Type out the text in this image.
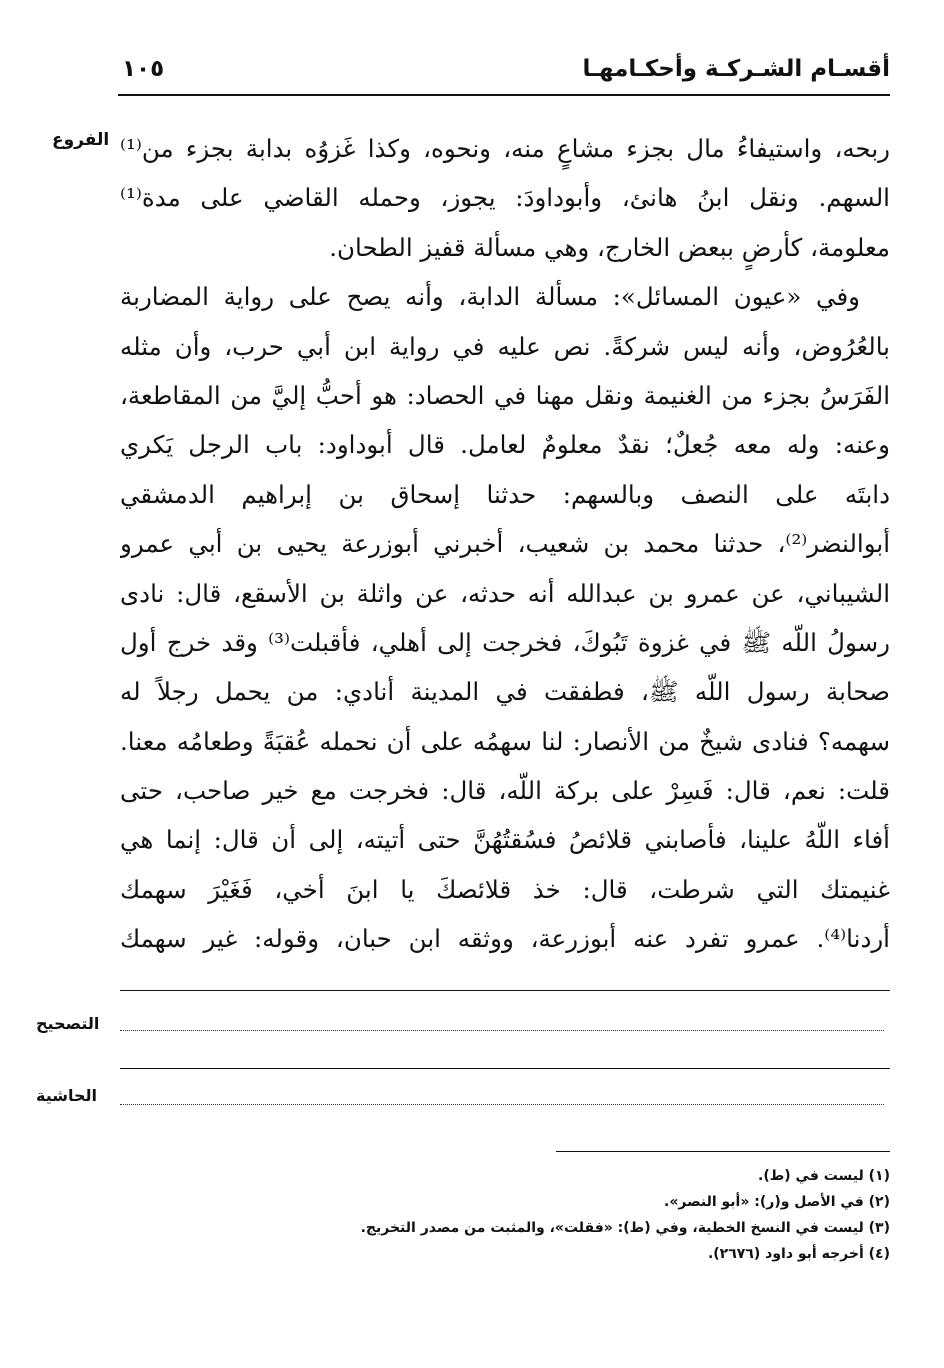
أقسـام الشـركـة وأحكـامهـا
١٠٥
الفروع ربحه، واستيفاءُ مال بجزء مشاعٍ منه، ونحوه، وكذا غَزوُه بدابة بجزء من⁽¹⁾
السهم. ونقل ابنُ هانئ، وأبوداودَ: يجوز، وحمله القاضي على مدة⁽¹⁾
معلومة، كأرضٍ ببعض الخارج، وهي مسألة قفيز الطحان.
وفي «عيون المسائل»: مسألة الدابة، وأنه يصح على رواية المضاربة
بالعُرُوض، وأنه ليس شركةً. نص عليه في رواية ابن أبي حرب، وأن مثله
الفَرَسُ بجزء من الغنيمة ونقل مهنا في الحصاد: هو أحبُّ إليَّ من المقاطعة،
وعنه: وله معه جُعلٌ؛ نقدٌ معلومٌ لعامل. قال أبوداود: باب الرجل يَكري
دابتَه على النصف وبالسهم: حدثنا إسحاق بن إبراهيم الدمشقي
أبوالنضر⁽²⁾، حدثنا محمد بن شعيب، أخبرني أبوزرعة يحيى بن أبي عمرو
الشيباني، عن عمرو بن عبدالله أنه حدثه، عن واثلة بن الأسقع، قال: نادى
رسولُ اللّه ﷺ في غزوة تَبُوكَ، فخرجت إلى أهلي، فأقبلت⁽³⁾ وقد خرج أول
صحابة رسول اللّه ﷺ، فطفقت في المدينة أنادي: من يحمل رجلاً له
سهمه؟ فنادى شيخٌ من الأنصار: لنا سهمُه على أن نحمله عُقبَةً وطعامُه معنا.
قلت: نعم، قال: فَسِرْ على بركة اللّه، قال: فخرجت مع خير صاحب، حتى
أفاء اللّهُ علينا، فأصابني قلائصُ فسُقتُهُنَّ حتى أتيته، إلى أن قال: إنما هي
غنيمتك التي شرطت، قال: خذ قلائصكَ يا ابنَ أخي، فَغَيْرَ سهمك
أردنا⁽⁴⁾. عمرو تفرد عنه أبوزرعة، ووثقه ابن حبان، وقوله: غير سهمك
التصحيح
الحاشية
(١) ليست في (ط).
(٢) في الأصل و(ر): «أبو النصر».
(٣) ليست في النسخ الخطية، وفي (ط): «فقلت»، والمثبت من مصدر التخريج.
(٤) أخرجه أبو داود (٢٦٧٦).
